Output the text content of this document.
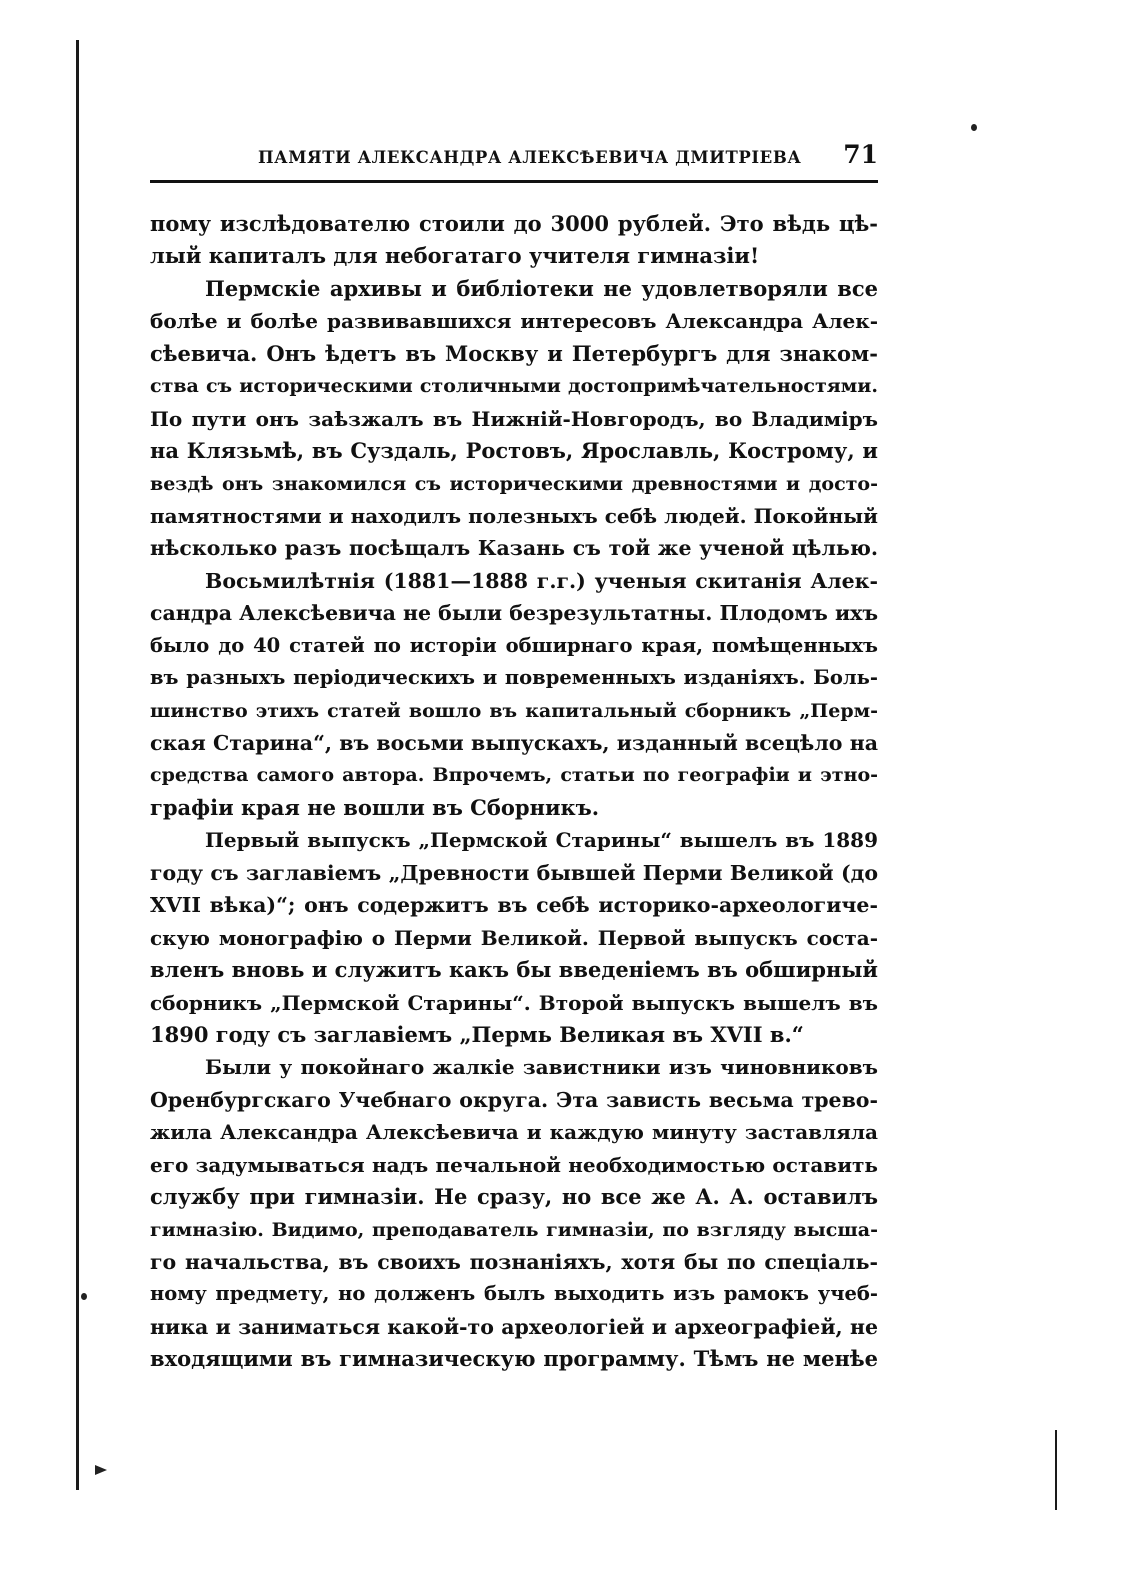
ПАМЯТИ АЛЕКСАНДРА АЛЕКСѢЕВИЧА ДМИТРІЕВА 71
пому изслѣдователю стоили до 3000 рублей. Это вѣдь цѣ-
лый капиталъ для небогатаго учителя гимназіи!
Пермскіе архивы и библіотеки не удовлетворяли все
болѣе и болѣе развивавшихся интересовъ Александра Алек-
сѣевича. Онъ ѣдетъ въ Москву и Петербургъ для знаком-
ства съ историческими столичными достопримѣчательностями.
По пути онъ заѣзжалъ въ Нижній-Новгородъ, во Владиміръ
на Клязьмѣ, въ Суздаль, Ростовъ, Ярославль, Кострому, и
вездѣ онъ знакомился съ историческими древностями и досто-
памятностями и находилъ полезныхъ себѣ людей. Покойный
нѣсколько разъ посѣщалъ Казань съ той же ученой цѣлью.
Восьмилѣтнія (1881—1888 г.г.) ученыя скитанія Алек-
сандра Алексѣевича не были безрезультатны. Плодомъ ихъ
было до 40 статей по исторіи обширнаго края, помѣщенныхъ
въ разныхъ періодическихъ и повременныхъ изданіяхъ. Боль-
шинство этихъ статей вошло въ капитальный сборникъ „Перм-
ская Старина“, въ восьми выпускахъ, изданный всецѣло на
средства самого автора. Впрочемъ, статьи по географіи и этно-
графіи края не вошли въ Сборникъ.
Первый выпускъ „Пермской Старины“ вышелъ въ 1889
году съ заглавіемъ „Древности бывшей Перми Великой (до
XVII вѣка)“; онъ содержитъ въ себѣ историко-археологиче-
скую монографію о Перми Великой. Первой выпускъ соста-
вленъ вновь и служитъ какъ бы введеніемъ въ обширный
сборникъ „Пермской Старины“. Второй выпускъ вышелъ въ
1890 году съ заглавіемъ „Пермь Великая въ XVII в.“
Были у покойнаго жалкіе завистники изъ чиновниковъ
Оренбургскаго Учебнаго округа. Эта зависть весьма трево-
жила Александра Алексѣевича и каждую минуту заставляла
его задумываться надъ печальной необходимостью оставить
службу при гимназіи. Не сразу, но все же А. А. оставилъ
гимназію. Видимо, преподаватель гимназіи, по взгляду высша-
го начальства, въ своихъ познаніяхъ, хотя бы по спеціаль-
ному предмету, но долженъ былъ выходить изъ рамокъ учеб-
ника и заниматься какой-то археологіей и археографіей, не
входящими въ гимназическую программу. Тѣмъ не менѣе
